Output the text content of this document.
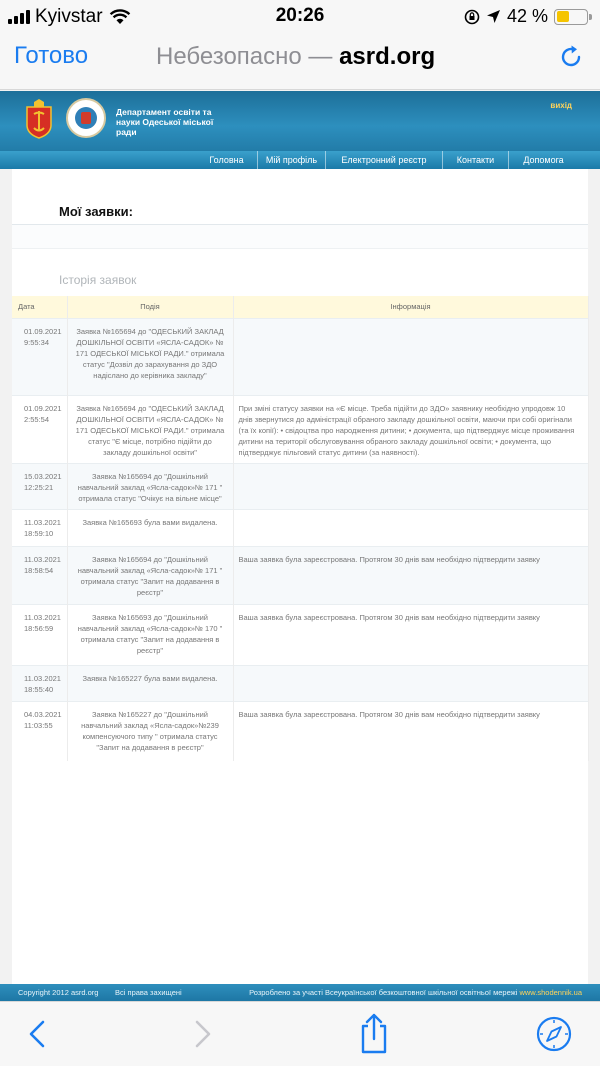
Kyivstar	20:26	42 %
Готово	Небезопасно — asrd.org
Департамент освіти та науки Одеської міської ради
вихід
Головна	Мій профіль	Електронний реєстр	Контакти	Допомога
Мої заявки:
Історія заявок
Дата	Подія	Інформація
01.09.2021 9:55:34	Заявка №165694 до "ОДЕСЬКИЙ ЗАКЛАД ДОШКІЛЬНОЇ ОСВІТИ «ЯСЛА-САДОК» № 171 ОДЕСЬКОЇ МІСЬКОЇ РАДИ." отримала статус "Дозвіл до зарахування до ЗДО надіслано до керівника закладу"	
01.09.2021 2:55:54	Заявка №165694 до "ОДЕСЬКИЙ ЗАКЛАД ДОШКІЛЬНОЇ ОСВІТИ «ЯСЛА-САДОК» № 171 ОДЕСЬКОЇ МІСЬКОЇ РАДИ." отримала статус "Є місце, потрібно підійти до закладу дошкільної освіти"	При зміні статусу заявки на «Є місце. Треба підійти до ЗДО» заявнику необхідно упродовж 10 днів звернутися до адміністрації обраного закладу дошкільної освіти, маючи при собі оригінали (та їх копії): • свідоцтва про народження дитини; • документа, що підтверджує місце проживання дитини на території обслуговування обраного закладу дошкільної освіти; • документа, що підтверджує пільговий статус дитини (за наявності).
15.03.2021 12:25:21	Заявка №165694 до "Дошкільний навчальний заклад «Ясла-садок»№ 171 " отримала статус "Очікує на вільне місце"	
11.03.2021 18:59:10	Заявка №165693 була вами видалена.	
11.03.2021 18:58:54	Заявка №165694 до "Дошкільний навчальний заклад «Ясла-садок»№ 171 " отримала статус "Запит на додавання в реєстр"	Ваша заявка була зареєстрована. Протягом 30 днів вам необхідно підтвердити заявку
11.03.2021 18:56:59	Заявка №165693 до "Дошкільний навчальний заклад «Ясла-садок»№ 170 " отримала статус "Запит на додавання в реєстр"	Ваша заявка була зареєстрована. Протягом 30 днів вам необхідно підтвердити заявку
11.03.2021 18:55:40	Заявка №165227 була вами видалена.	
04.03.2021 11:03:55	Заявка №165227 до "Дошкільний навчальний заклад «Ясла-садок»№239 компенсуючого типу " отримала статус "Запит на додавання в реєстр"	Ваша заявка була зареєстрована. Протягом 30 днів вам необхідно підтвердити заявку
Copyright 2012 asrd.org Всі права захищені	Розроблено за участі Всеукраїнської безкоштовної шкільної освітньої мережі www.shodennik.ua
